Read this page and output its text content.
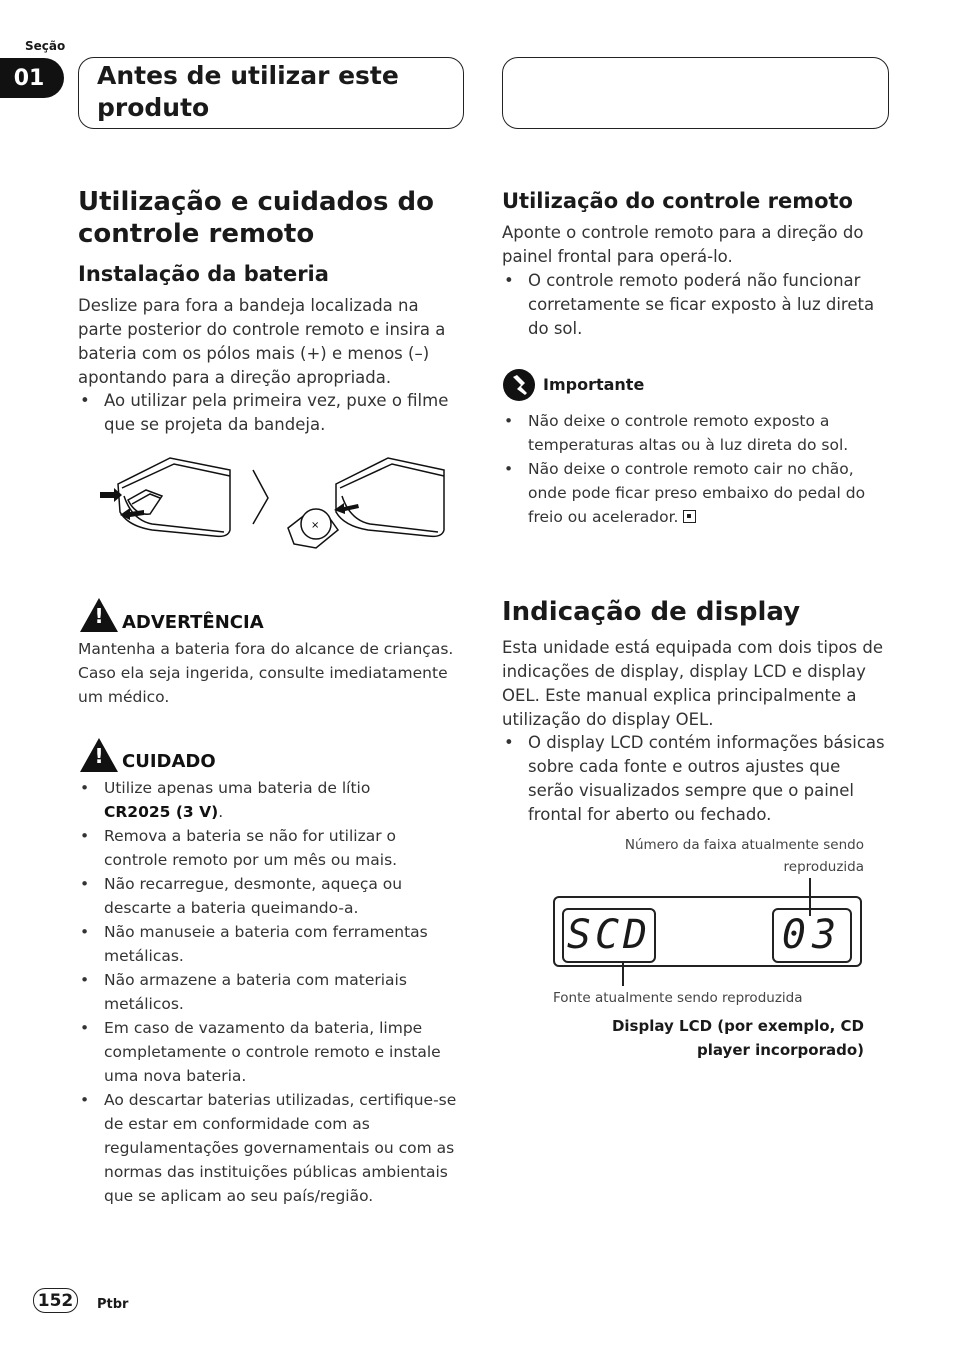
Seção
01	Antes de utilizar este produto
Utilização e cuidados do controle remoto
Instalação da bateria
Deslize para fora a bandeja localizada na parte posterior do controle remoto e insira a bateria com os pólos mais (+) e menos (–) apontando para a direção apropriada.
• Ao utilizar pela primeira vez, puxe o filme que se projeta da bandeja.
×
!	ADVERTÊNCIA
Mantenha a bateria fora do alcance de crianças. Caso ela seja ingerida, consulte imediatamente um médico.
!	CUIDADO
• Utilize apenas uma bateria de lítio
CR2025 (3 V).
• Remova a bateria se não for utilizar o controle remoto por um mês ou mais.
• Não recarregue, desmonte, aqueça ou descarte a bateria queimando-a.
• Não manuseie a bateria com ferramentas metálicas.
• Não armazene a bateria com materiais metálicos.
• Em caso de vazamento da bateria, limpe completamente o controle remoto e instale uma nova bateria.
• Ao descartar baterias utilizadas, certifique-se de estar em conformidade com as regulamentações governamentais ou com as normas das instituições públicas ambientais que se aplicam ao seu país/região.
Utilização do controle remoto
Aponte o controle remoto para a direção do painel frontal para operá-lo.
• O controle remoto poderá não funcionar corretamente se ficar exposto à luz direta do sol.
Importante
• Não deixe o controle remoto exposto a temperaturas altas ou à luz direta do sol.
• Não deixe o controle remoto cair no chão, onde pode ficar preso embaixo do pedal do freio ou acelerador.
Indicação de display
Esta unidade está equipada com dois tipos de indicações de display, display LCD e display OEL. Este manual explica principalmente a utilização do display OEL.
• O display LCD contém informações básicas sobre cada fonte e outros ajustes que serão visualizados sempre que o painel frontal for aberto ou fechado.
Número da faixa atualmente sendo reproduzida
SCD	03
Fonte atualmente sendo reproduzida
Display LCD (por exemplo, CD player incorporado)
152	Ptbr
